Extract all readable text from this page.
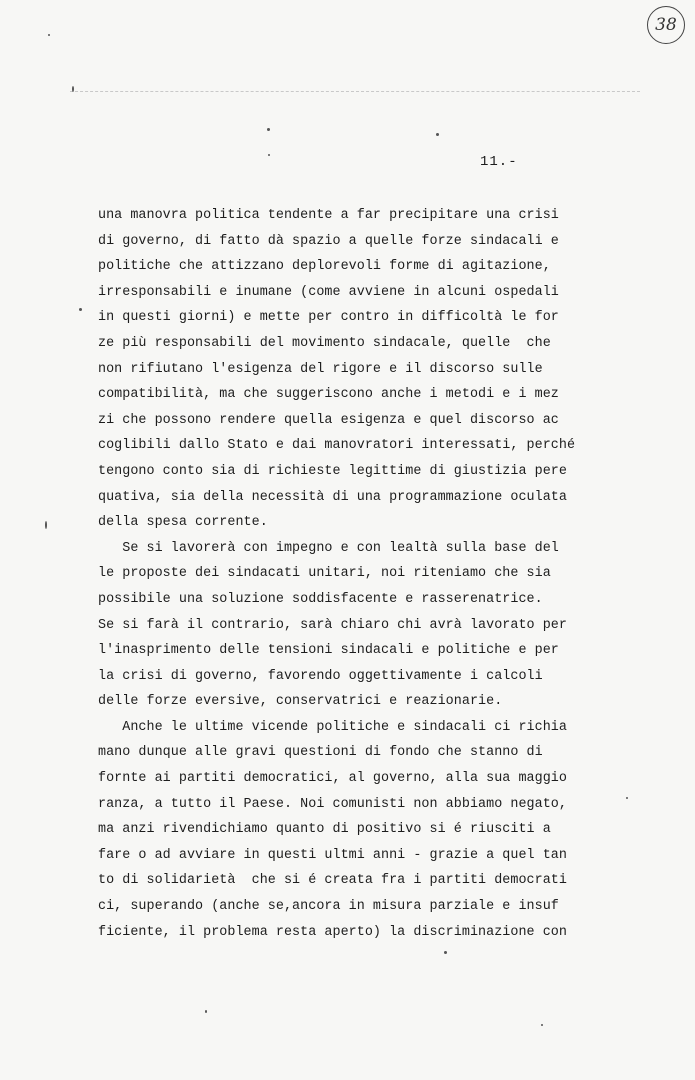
38
11.-
una manovra politica tendente a far precipitare una crisi
di governo, di fatto dà spazio a quelle forze sindacali e
politiche che attizzano deplorevoli forme di agitazione,
irresponsabili e inumane (come avviene in alcuni ospedali
in questi giorni) e mette per contro in difficoltà le for
ze più responsabili del movimento sindacale, quelle  che
non rifiutano l'esigenza del rigore e il discorso sulle
compatibilità, ma che suggeriscono anche i metodi e i mez
zi che possono rendere quella esigenza e quel discorso ac
coglibili dallo Stato e dai manovratori interessati, perché
tengono conto sia di richieste legittime di giustizia pere
quativa, sia della necessità di una programmazione oculata
della spesa corrente.
Se si lavorerà con impegno e con lealtà sulla base del
le proposte dei sindacati unitari, noi riteniamo che sia
possibile una soluzione soddisfacente e rasserenatrice.
Se si farà il contrario, sarà chiaro chi avrà lavorato per
l'inasprimento delle tensioni sindacali e politiche e per
la crisi di governo, favorendo oggettivamente i calcoli
delle forze eversive, conservatrici e reazionarie.
Anche le ultime vicende politiche e sindacali ci richia
mano dunque alle gravi questioni di fondo che stanno di
fornte ai partiti democratici, al governo, alla sua maggio
ranza, a tutto il Paese. Noi comunisti non abbiamo negato,
ma anzi rivendichiamo quanto di positivo si é riusciti a
fare o ad avviare in questi ultmi anni - grazie a quel tan
to di solidarietà  che si é creata fra i partiti democrati
ci, superando (anche se,ancora in misura parziale e insuf
ficiente, il problema resta aperto) la discriminazione con
